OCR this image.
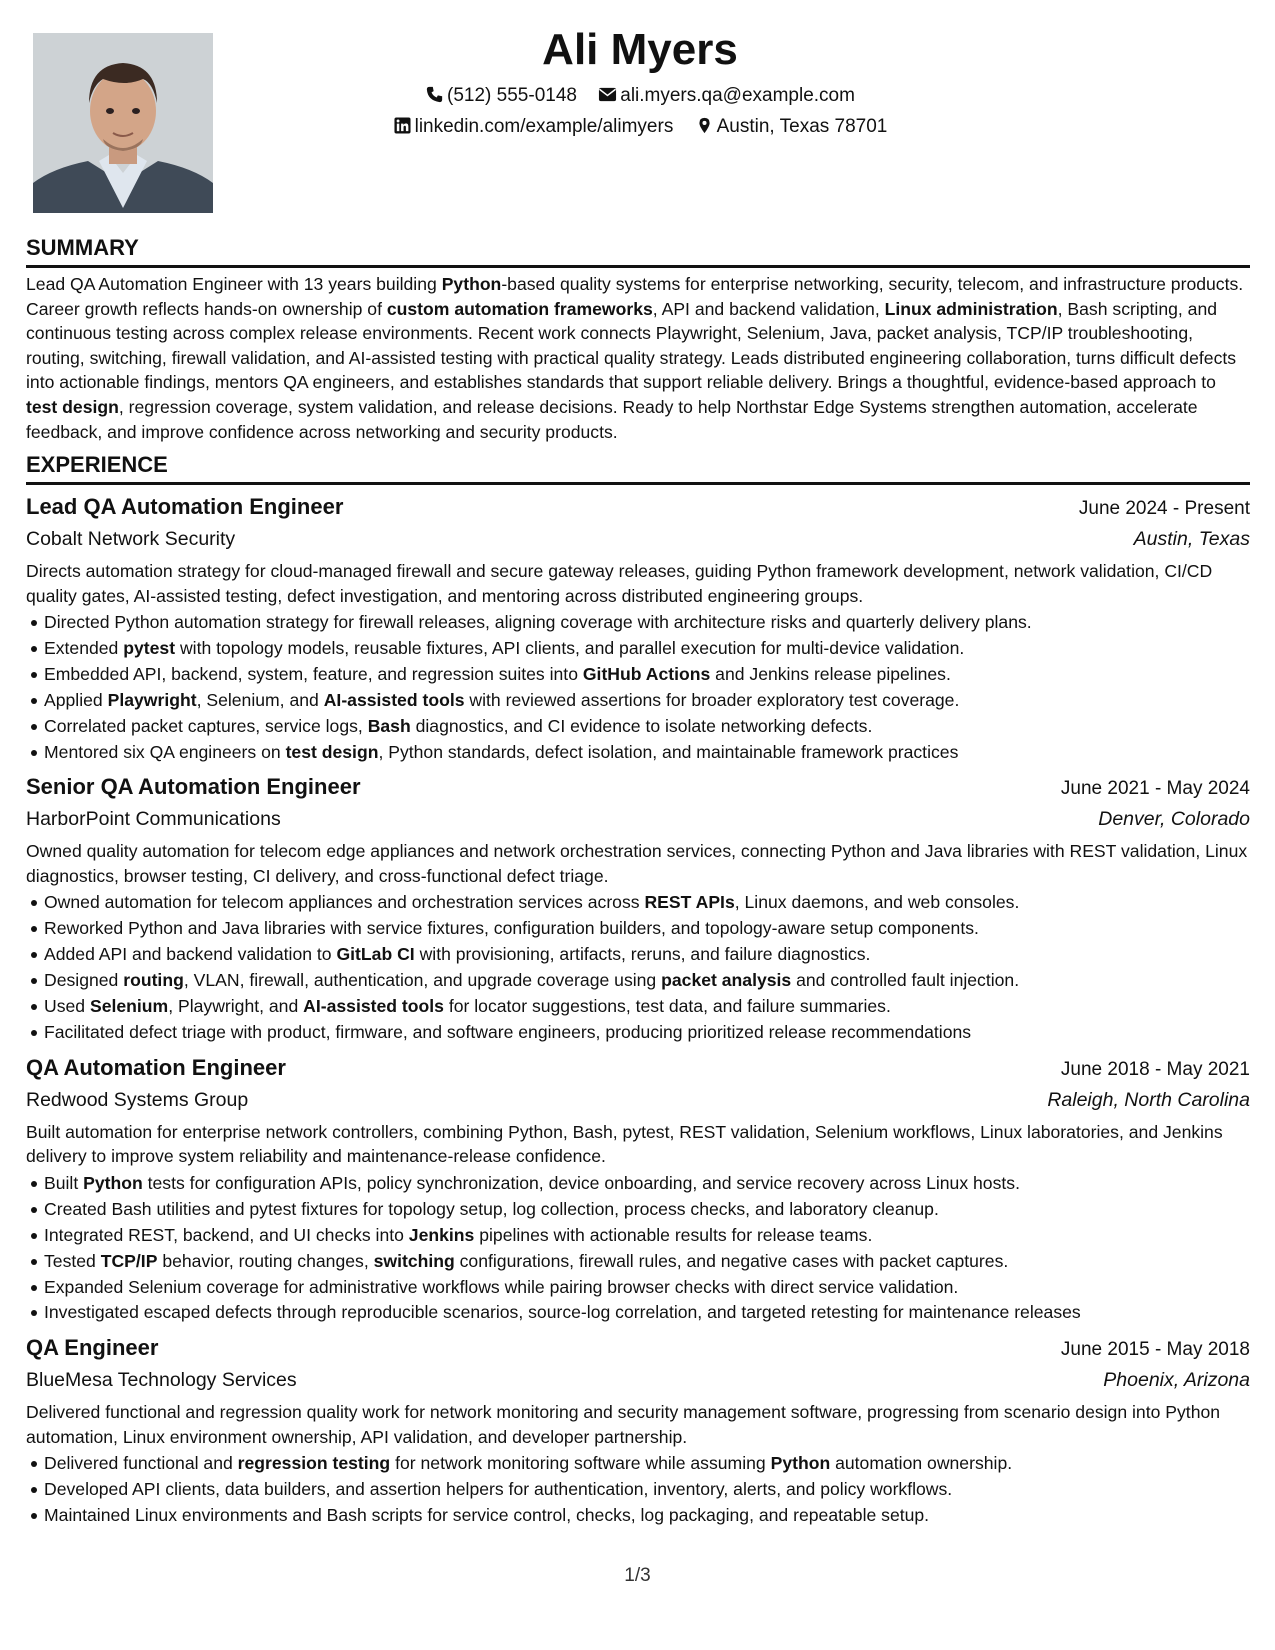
Ali Myers
(512) 555-0148 ali.myers.qa@example.com
linkedin.com/example/alimyers Austin, Texas 78701
SUMMARY

Lead QA Automation Engineer with 13 years building Python-based quality systems for enterprise networking, security, telecom, and infrastructure products. Career growth reflects hands-on ownership of custom automation frameworks, API and backend validation, Linux administration, Bash scripting, and continuous testing across complex release environments. Recent work connects Playwright, Selenium, Java, packet analysis, TCP/IP troubleshooting, routing, switching, firewall validation, and AI-assisted testing with practical quality strategy. Leads distributed engineering collaboration, turns difficult defects into actionable findings, mentors QA engineers, and establishes standards that support reliable delivery. Brings a thoughtful, evidence-based approach to test design, regression coverage, system validation, and release decisions. Ready to help Northstar Edge Systems strengthen automation, accelerate feedback, and improve confidence across networking and security products.

EXPERIENCE
Lead QA Automation Engineer	June 2024 - Present
Cobalt Network Security	Austin, Texas

Directs automation strategy for cloud-managed firewall and secure gateway releases, guiding Python framework development, network validation, CI/CD quality gates, AI-assisted testing, defect investigation, and mentoring across distributed engineering groups.

Directed Python automation strategy for firewall releases, aligning coverage with architecture risks and quarterly delivery plans.
Extended pytest with topology models, reusable fixtures, API clients, and parallel execution for multi-device validation.
Embedded API, backend, system, feature, and regression suites into GitHub Actions and Jenkins release pipelines.
Applied Playwright, Selenium, and AI-assisted tools with reviewed assertions for broader exploratory test coverage.
Correlated packet captures, service logs, Bash diagnostics, and CI evidence to isolate networking defects.
Mentored six QA engineers on test design, Python standards, defect isolation, and maintainable framework practices
Senior QA Automation Engineer	June 2021 - May 2024
HarborPoint Communications	Denver, Colorado

Owned quality automation for telecom edge appliances and network orchestration services, connecting Python and Java libraries with REST validation, Linux diagnostics, browser testing, CI delivery, and cross-functional defect triage.

Owned automation for telecom appliances and orchestration services across REST APIs, Linux daemons, and web consoles.
Reworked Python and Java libraries with service fixtures, configuration builders, and topology-aware setup components.
Added API and backend validation to GitLab CI with provisioning, artifacts, reruns, and failure diagnostics.
Designed routing, VLAN, firewall, authentication, and upgrade coverage using packet analysis and controlled fault injection.
Used Selenium, Playwright, and AI-assisted tools for locator suggestions, test data, and failure summaries.
Facilitated defect triage with product, firmware, and software engineers, producing prioritized release recommendations
QA Automation Engineer	June 2018 - May 2021
Redwood Systems Group	Raleigh, North Carolina

Built automation for enterprise network controllers, combining Python, Bash, pytest, REST validation, Selenium workflows, Linux laboratories, and Jenkins delivery to improve system reliability and maintenance-release confidence.

Built Python tests for configuration APIs, policy synchronization, device onboarding, and service recovery across Linux hosts.
Created Bash utilities and pytest fixtures for topology setup, log collection, process checks, and laboratory cleanup.
Integrated REST, backend, and UI checks into Jenkins pipelines with actionable results for release teams.
Tested TCP/IP behavior, routing changes, switching configurations, firewall rules, and negative cases with packet captures.
Expanded Selenium coverage for administrative workflows while pairing browser checks with direct service validation.
Investigated escaped defects through reproducible scenarios, source-log correlation, and targeted retesting for maintenance releases
QA Engineer	June 2015 - May 2018
BlueMesa Technology Services	Phoenix, Arizona

Delivered functional and regression quality work for network monitoring and security management software, progressing from scenario design into Python automation, Linux environment ownership, API validation, and developer partnership.

Delivered functional and regression testing for network monitoring software while assuming Python automation ownership.
Developed API clients, data builders, and assertion helpers for authentication, inventory, alerts, and policy workflows.
Maintained Linux environments and Bash scripts for service control, checks, log packaging, and repeatable setup.
1/3
